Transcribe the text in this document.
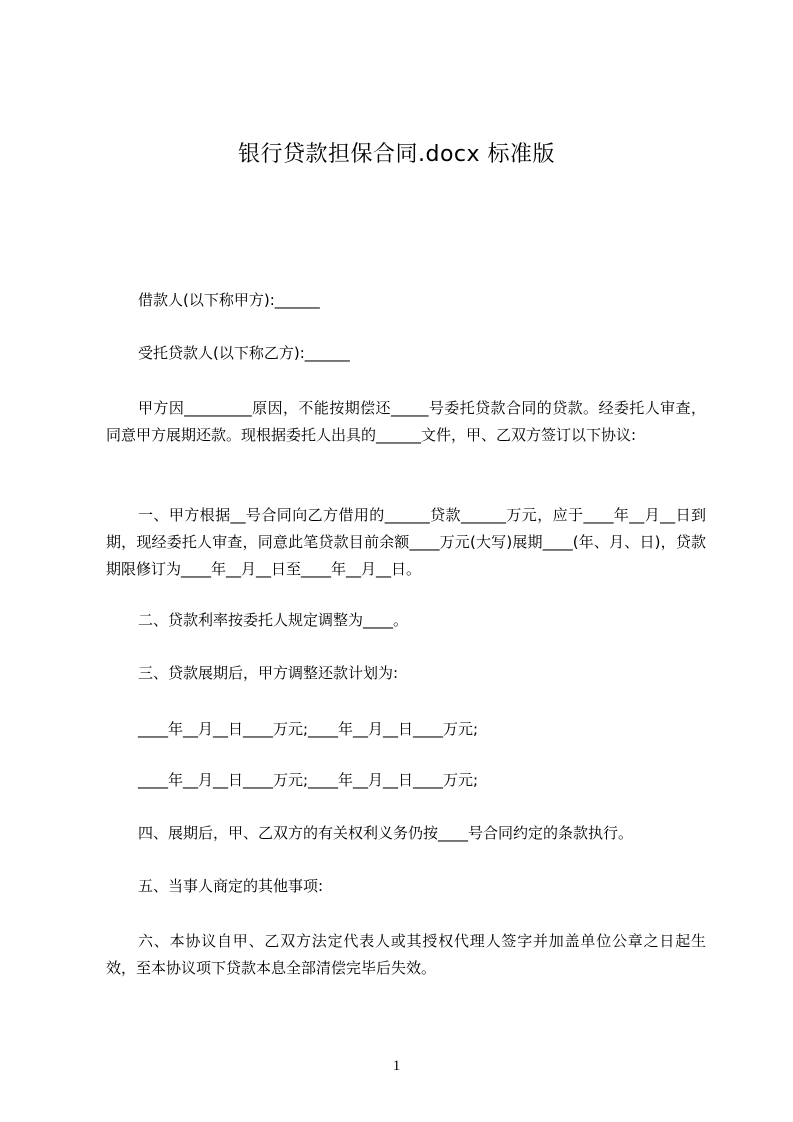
银行贷款担保合同.docx 标准版
借款人(以下称甲方):______
受托贷款人(以下称乙方):______
甲方因_________原因，不能按期偿还_____号委托贷款合同的贷款。经委托人审查，同意甲方展期还款。现根据委托人出具的______文件，甲、乙双方签订以下协议:
一、甲方根据__号合同向乙方借用的______贷款______万元，应于____年__月__日到期，现经委托人审查，同意此笔贷款目前余额____万元(大写)展期____(年、月、日)，贷款期限修订为____年__月__日至____年__月__日。
二、贷款利率按委托人规定调整为____。
三、贷款展期后，甲方调整还款计划为:
____年__月__日____万元;____年__月__日____万元;
____年__月__日____万元;____年__月__日____万元;
四、展期后，甲、乙双方的有关权利义务仍按____号合同约定的条款执行。
五、当事人商定的其他事项:
六、本协议自甲、乙双方法定代表人或其授权代理人签字并加盖单位公章之日起生效，至本协议项下贷款本息全部清偿完毕后失效。
1
